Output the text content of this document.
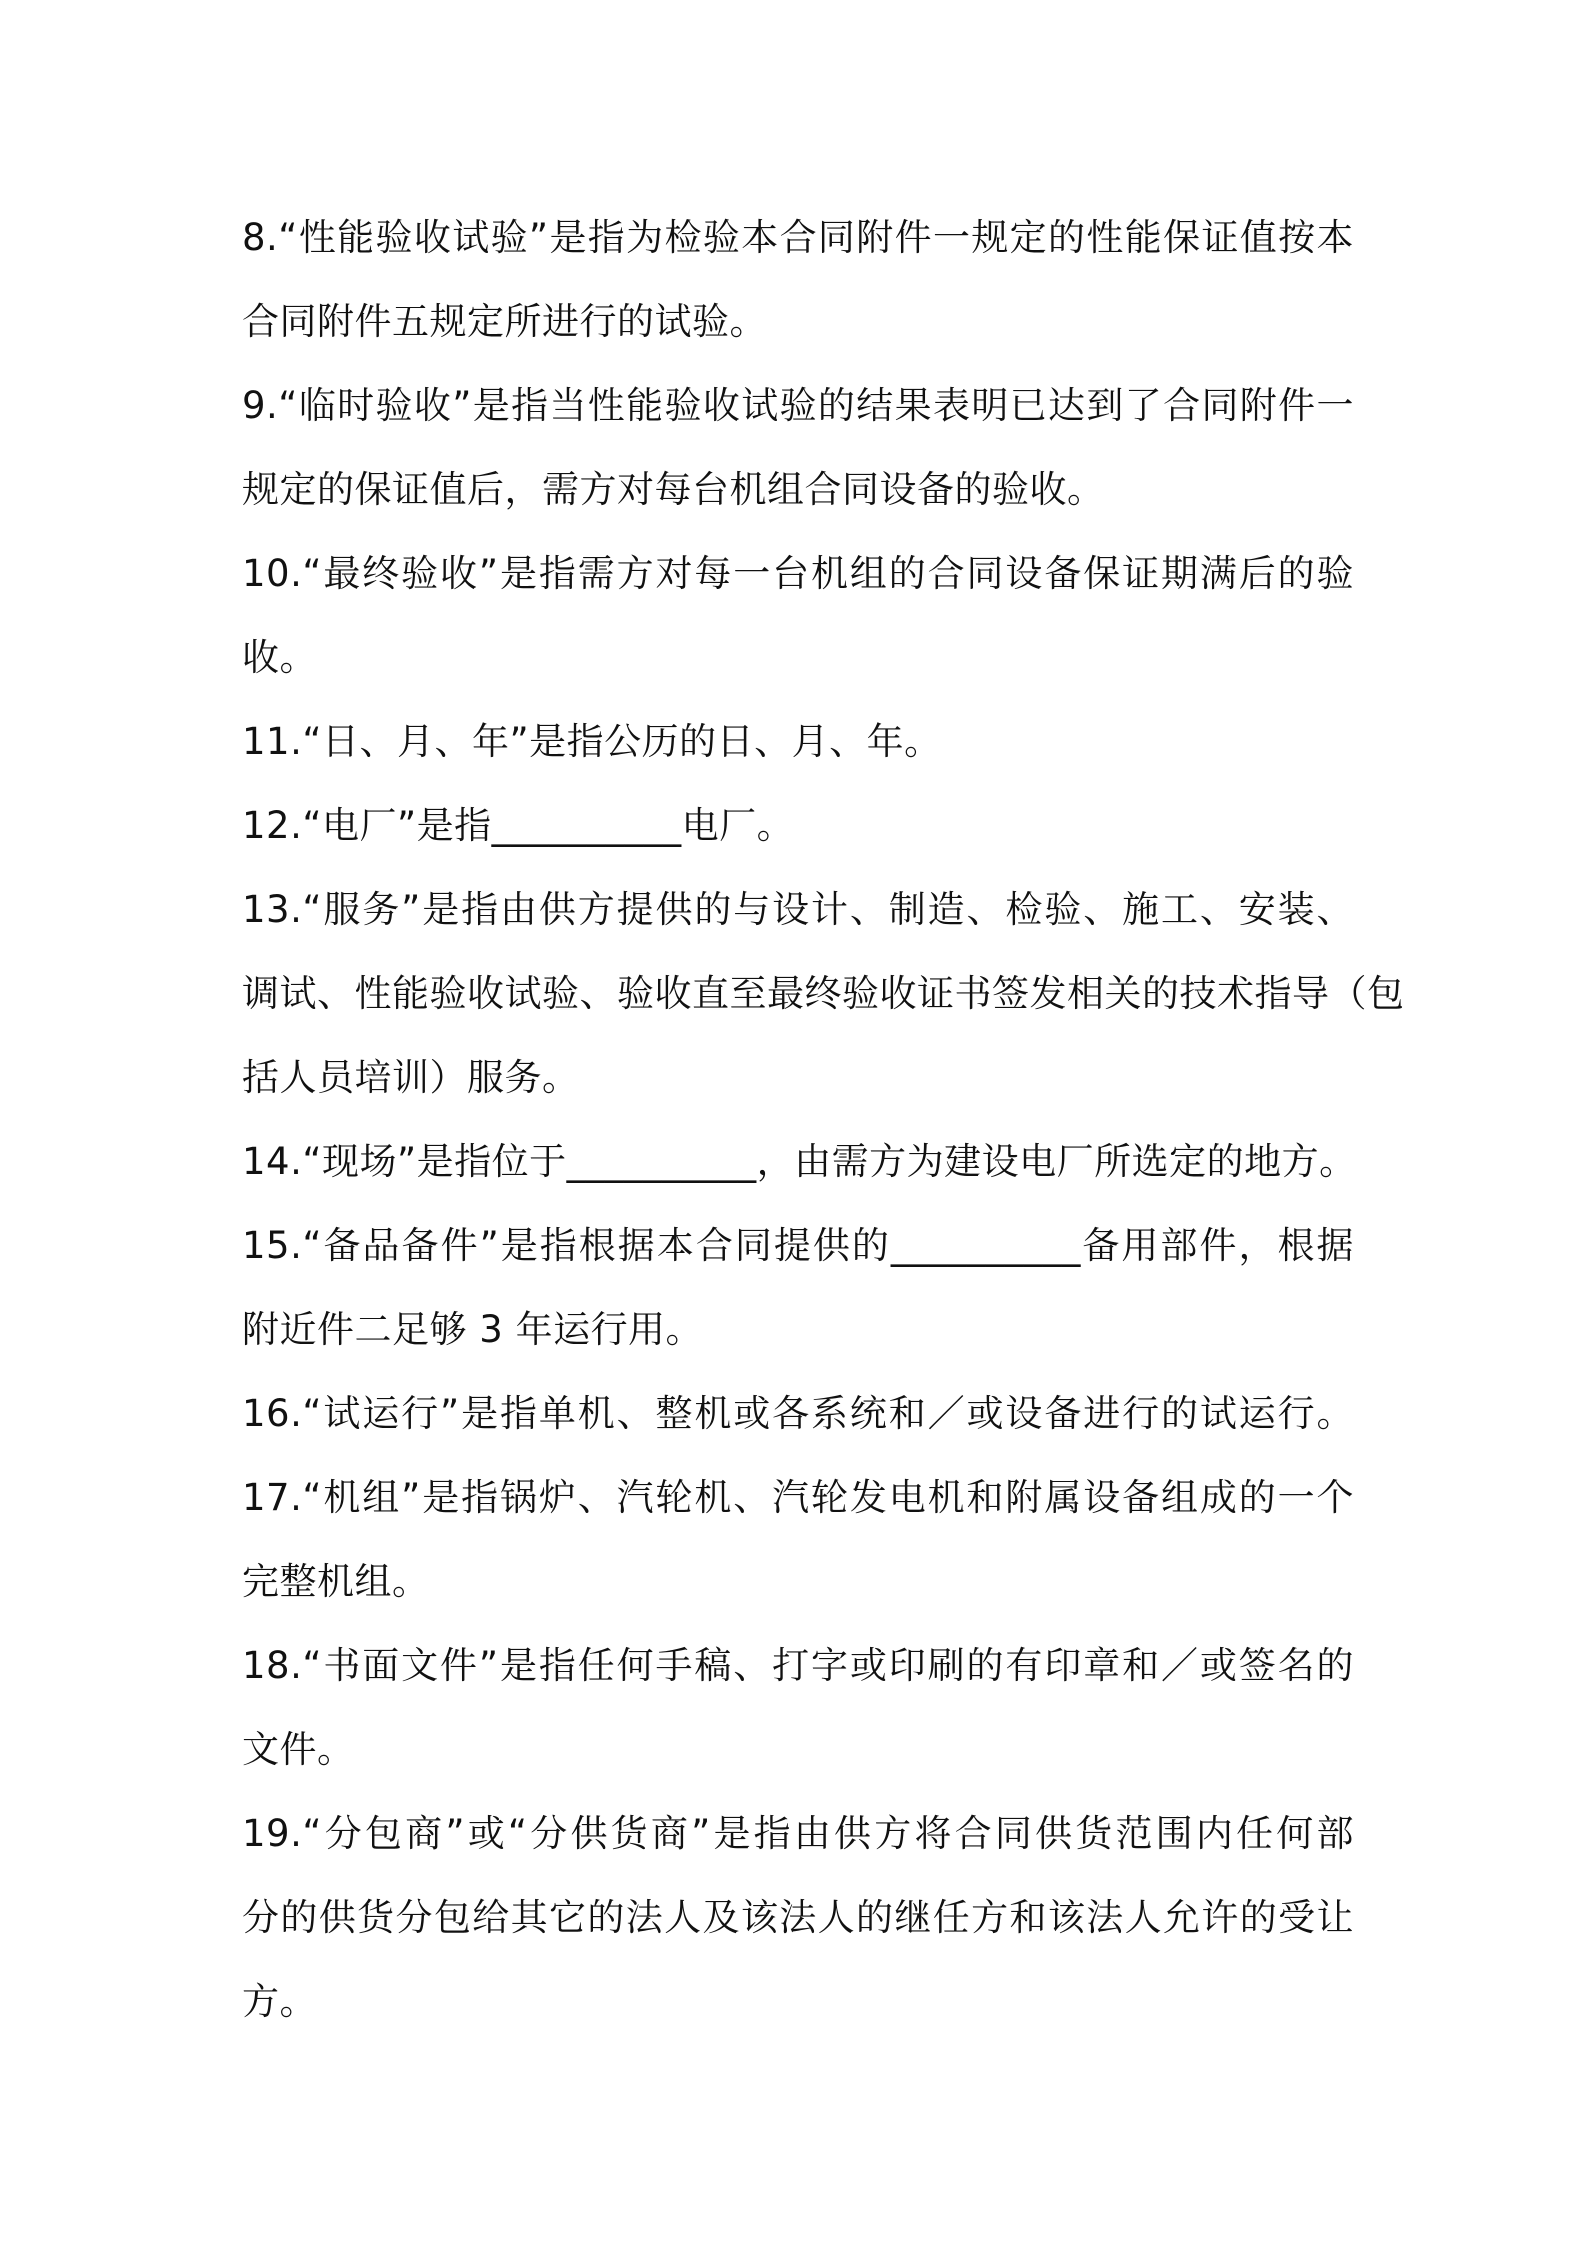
8.“性能验收试验”是指为检验本合同附件一规定的性能保证值按本
合同附件五规定所进行的试验。
9.“临时验收”是指当性能验收试验的结果表明已达到了合同附件一
规定的保证值后，需方对每台机组合同设备的验收。
10.“最终验收”是指需方对每一台机组的合同设备保证期满后的验
收。
11.“日、月、年”是指公历的日、月、年。
12.“电厂”是指__________电厂。
13.“服务”是指由供方提供的与设计、制造、检验、施工、安装、
调试、性能验收试验、验收直至最终验收证书签发相关的技术指导（包
括人员培训）服务。
14.“现场”是指位于__________，由需方为建设电厂所选定的地方。
15.“备品备件”是指根据本合同提供的__________备用部件，根据
附近件二足够 3 年运行用。
16.“试运行”是指单机、整机或各系统和／或设备进行的试运行。
17.“机组”是指锅炉、汽轮机、汽轮发电机和附属设备组成的一个
完整机组。
18.“书面文件”是指任何手稿、打字或印刷的有印章和／或签名的
文件。
19.“分包商”或“分供货商”是指由供方将合同供货范围内任何部
分的供货分包给其它的法人及该法人的继任方和该法人允许的受让
方。
